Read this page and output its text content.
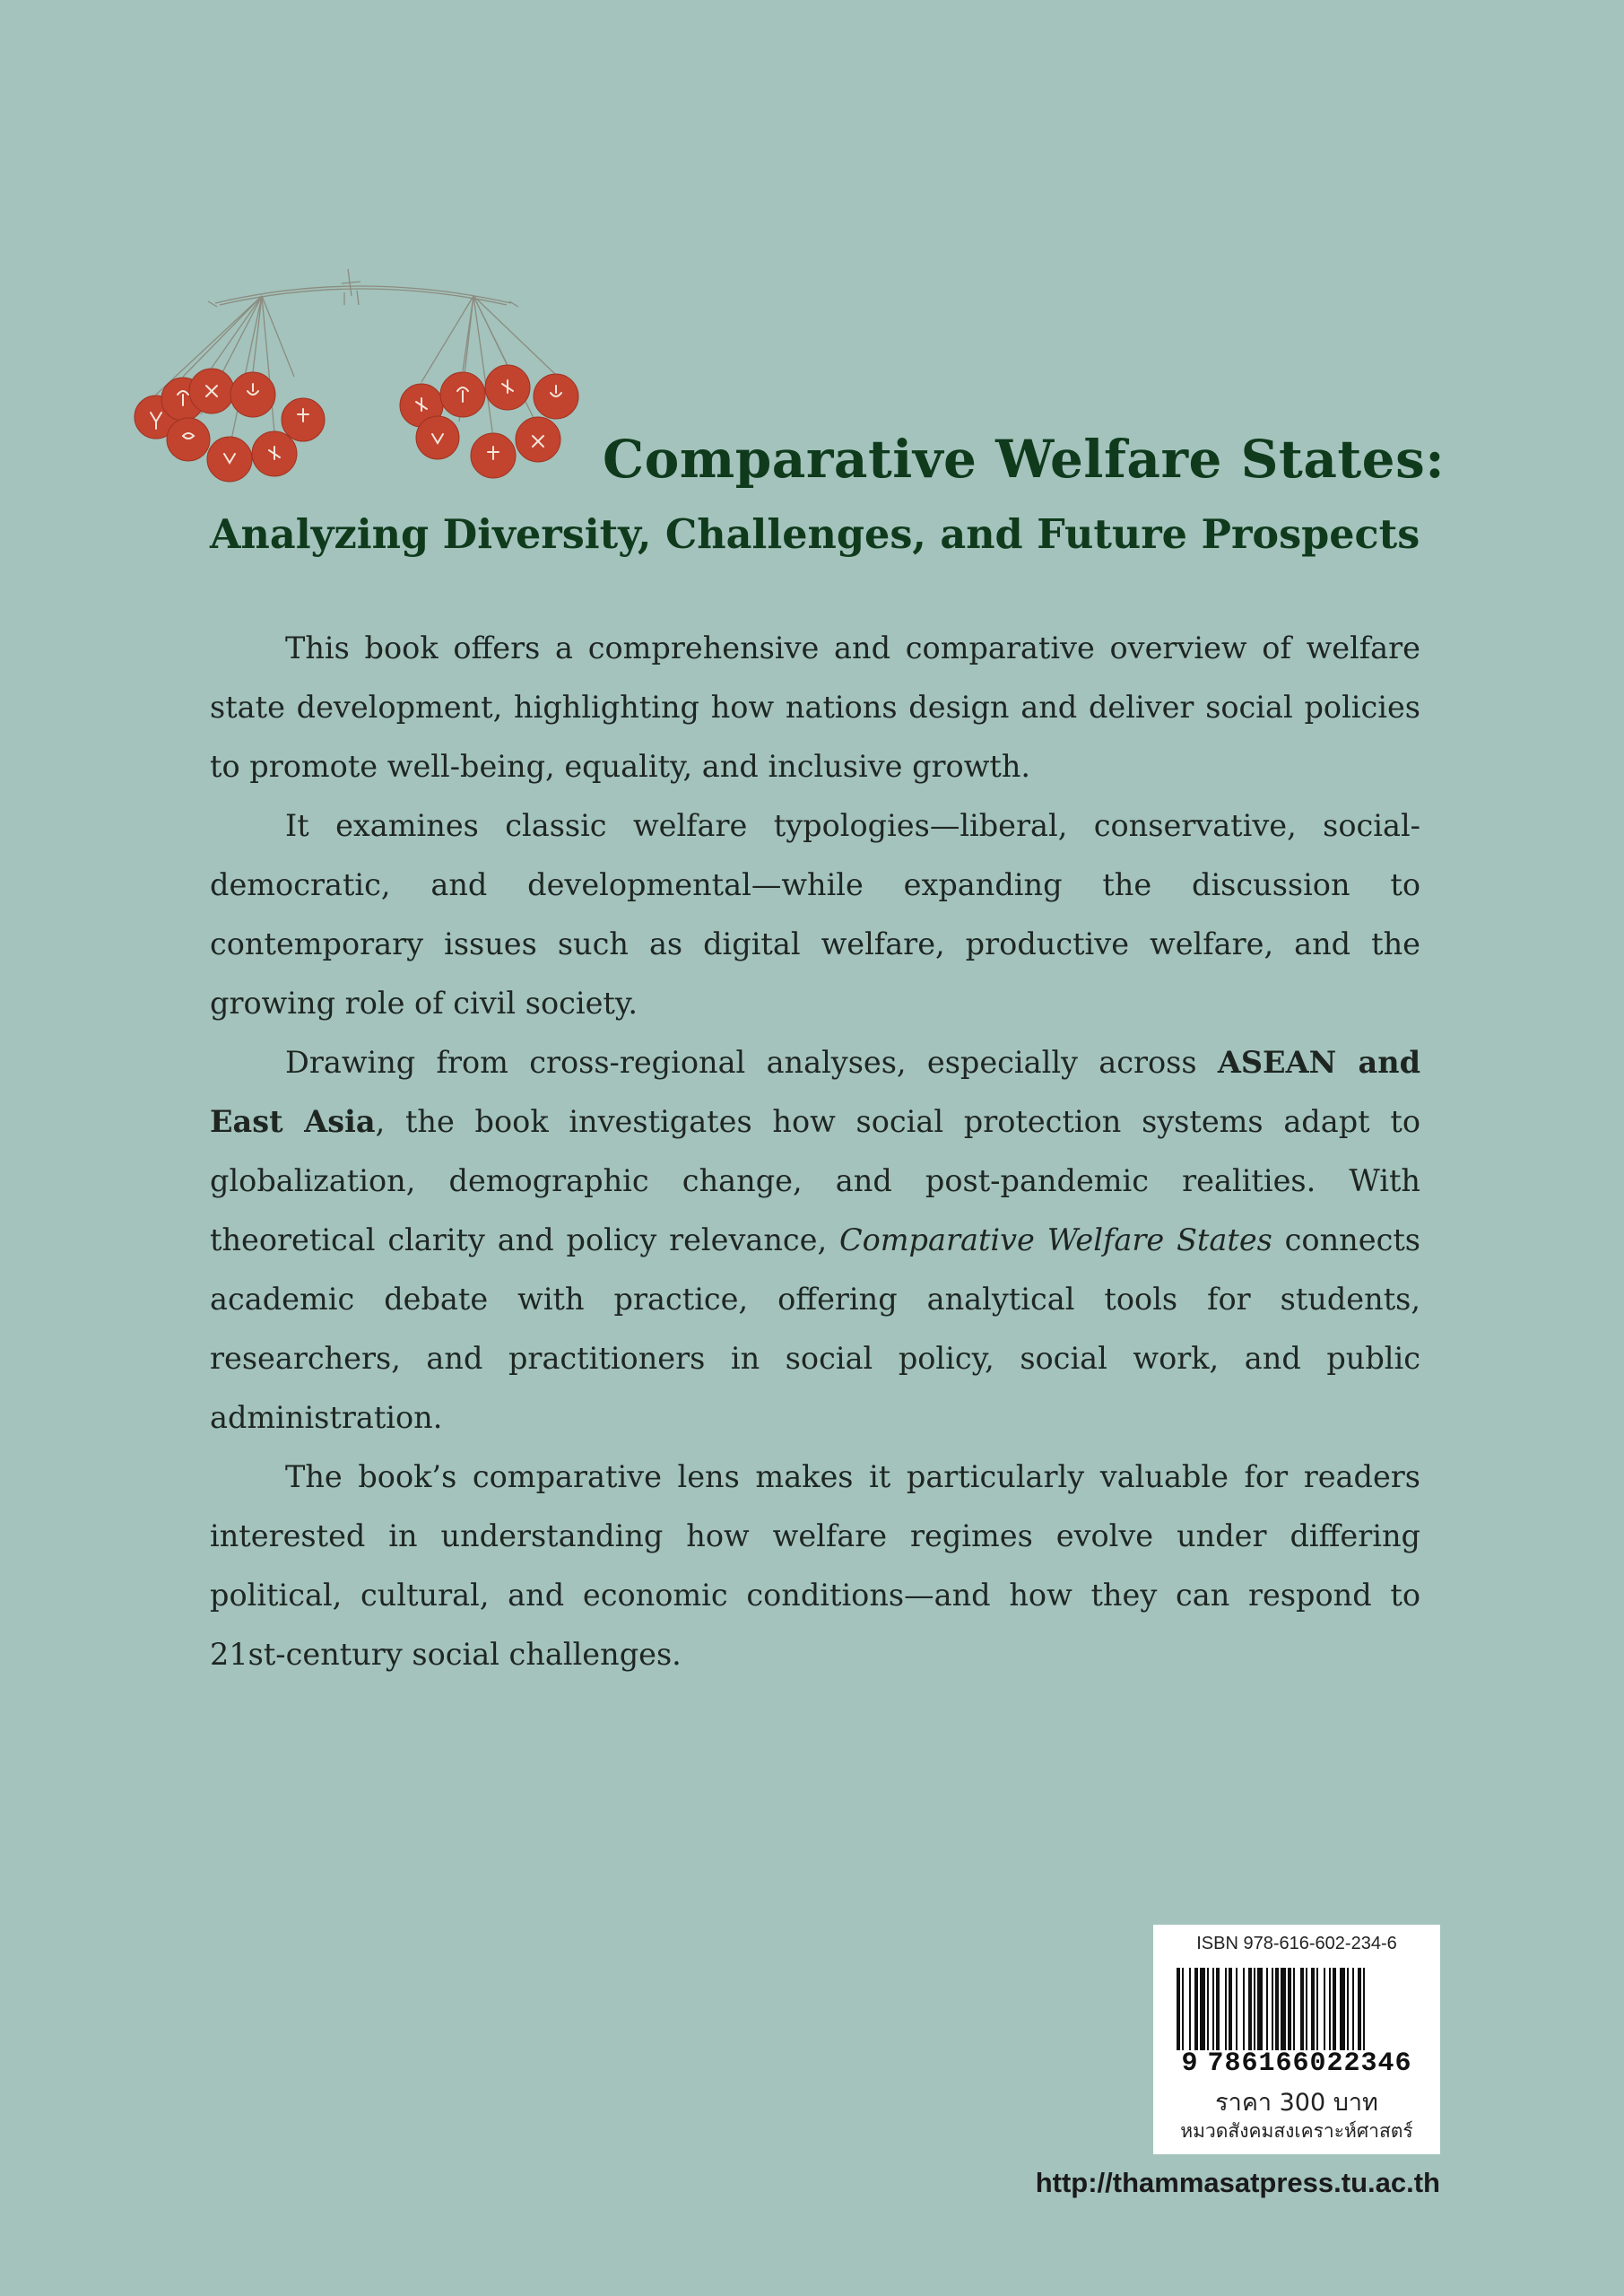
Comparative Welfare States:
Analyzing Diversity, Challenges, and Future Prospects

This book offers a comprehensive and comparative overview of welfare state development, highlighting how nations design and deliver social policies to promote well-being, equality, and inclusive growth.

It examines classic welfare typologies—liberal, conservative, social-democratic, and developmental—while expanding the discussion to contemporary issues such as digital welfare, productive welfare, and the growing role of civil society.

Drawing from cross-regional analyses, especially across ASEAN and East Asia, the book investigates how social protection systems adapt to globalization, demographic change, and post-pandemic realities. With theoretical clarity and policy relevance, Comparative Welfare States connects academic debate with practice, offering analytical tools for students, researchers, and practitioners in social policy, social work, and public administration.

The book’s comparative lens makes it particularly valuable for readers interested in understanding how welfare regimes evolve under differing political, cultural, and economic conditions—and how they can respond to 21st-century social challenges.

ISBN 978-616-602-234-6
9 786166022346
ราคา 300 บาท
หมวดสังคมสงเคราะห์ศาสตร์

http://thammasatpress.tu.ac.th
